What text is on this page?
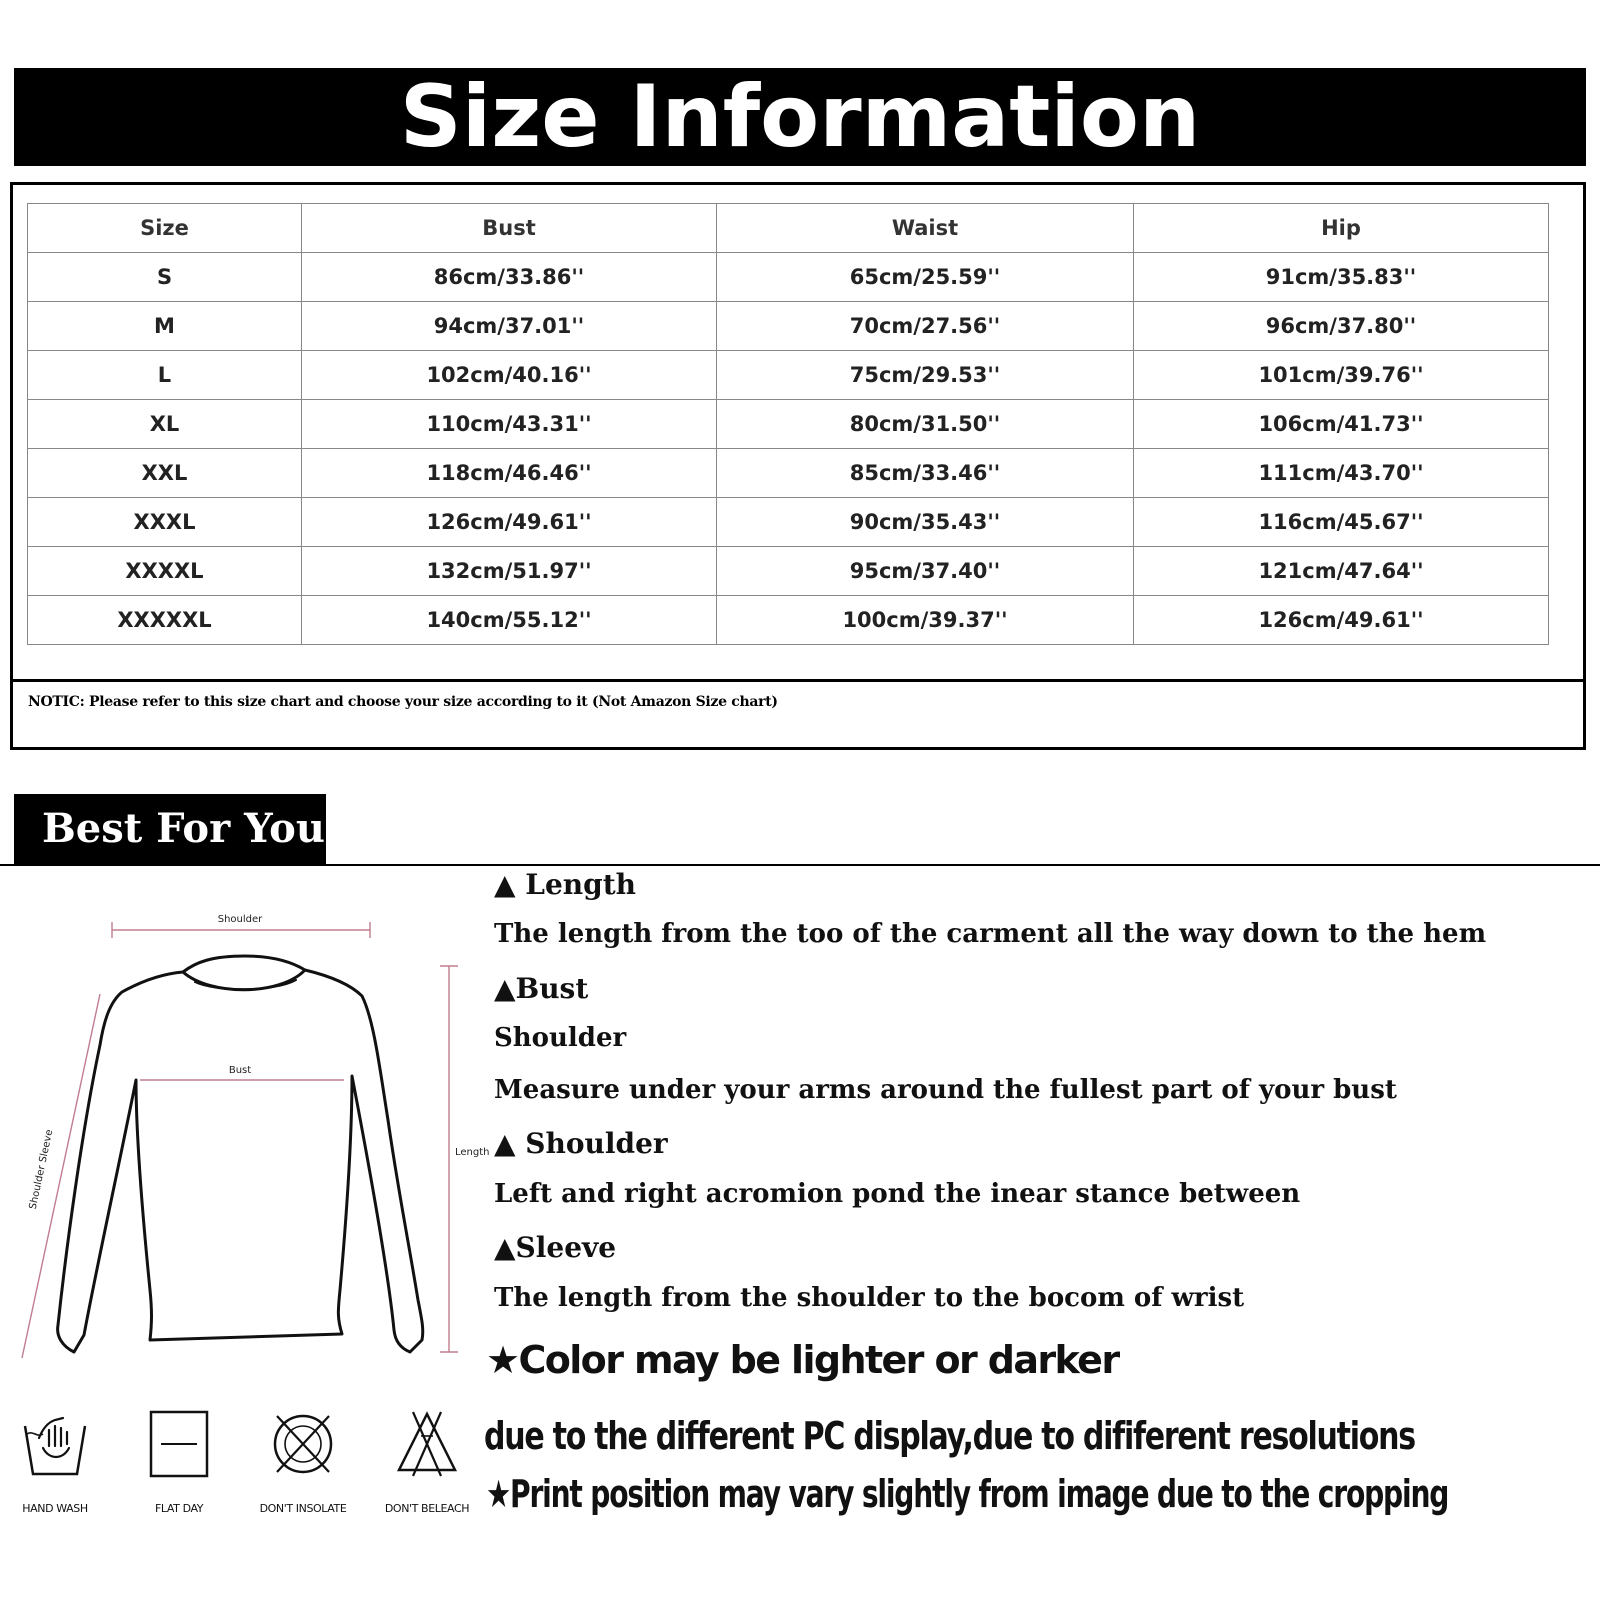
Size Information
Size	Bust	Waist	Hip
S	86cm/33.86''	65cm/25.59''	91cm/35.83''
M	94cm/37.01''	70cm/27.56''	96cm/37.80''
L	102cm/40.16''	75cm/29.53''	101cm/39.76''
XL	110cm/43.31''	80cm/31.50''	106cm/41.73''
XXL	118cm/46.46''	85cm/33.46''	111cm/43.70''
XXXL	126cm/49.61''	90cm/35.43''	116cm/45.67''
XXXXL	132cm/51.97''	95cm/37.40''	121cm/47.64''
XXXXXL	140cm/55.12''	100cm/39.37''	126cm/49.61''
NOTIC: Please refer to this size chart and choose your size according to it (Not Amazon Size chart)
Best For You
Shoulder
Bust
Length
Shoulder Sleeve
HAND WASH	FLAT DAY	DON'T INSOLATE	DON'T BELEACH
▲ Length
The length from the too of the carment all the way down to the hem
▲Bust
Shoulder
Measure under your arms around the fullest part of your bust
▲ Shoulder
Left and right acromion pond the inear stance between
▲Sleeve
The length from the shoulder to the bocom of wrist
★Color may be lighter or darker
due to the different PC display,due to dififerent resolutions
★Print position may vary slightly from image due to the cropping
